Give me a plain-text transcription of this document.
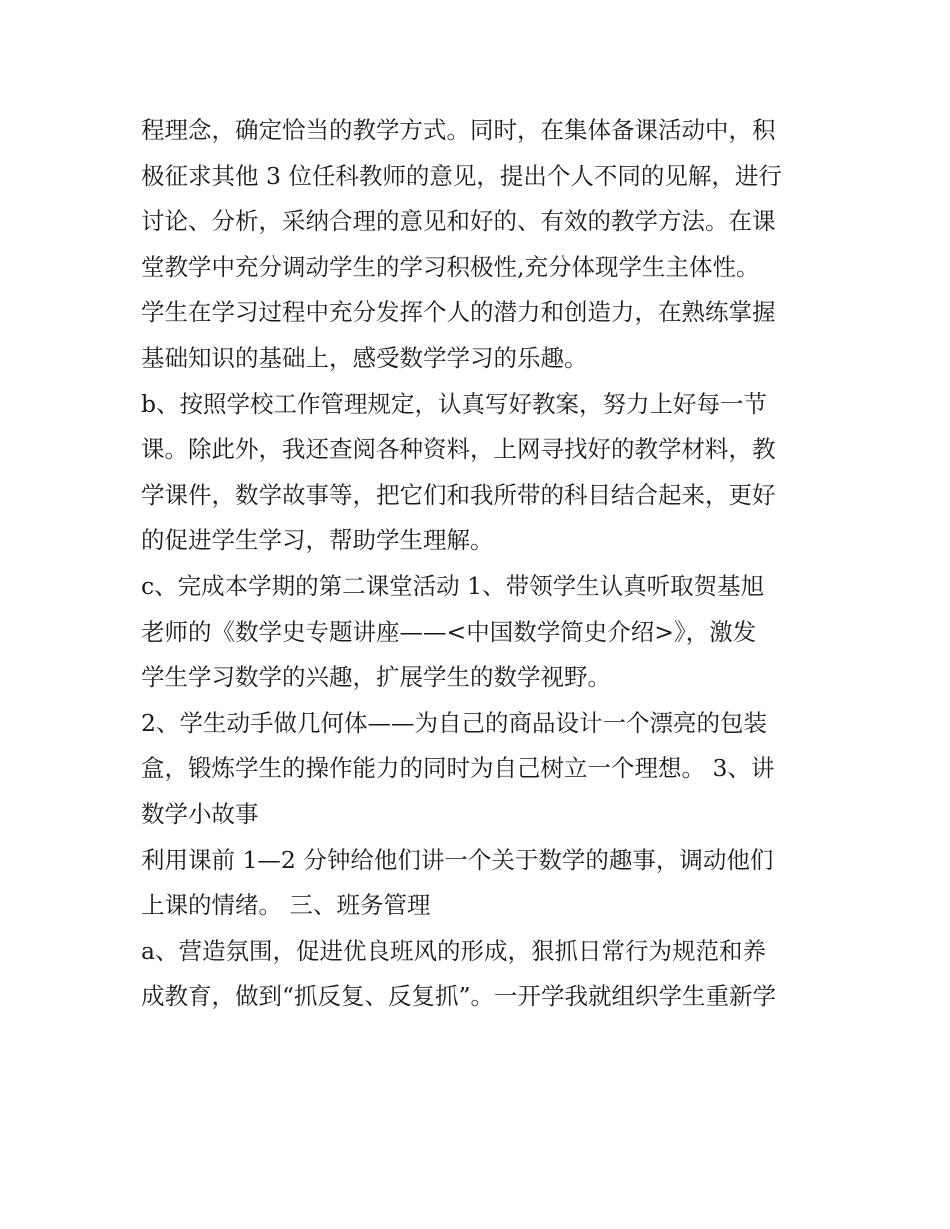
程理念，确定恰当的教学方式。同时，在集体备课活动中，积
极征求其他 3 位任科教师的意见，提出个人不同的见解，进行
讨论、分析，采纳合理的意见和好的、有效的教学方法。在课
堂教学中充分调动学生的学习积极性,充分体现学生主体性。
学生在学习过程中充分发挥个人的潜力和创造力，在熟练掌握
基础知识的基础上，感受数学学习的乐趣。
b、按照学校工作管理规定，认真写好教案，努力上好每一节
课。除此外，我还查阅各种资料，上网寻找好的教学材料，教
学课件，数学故事等，把它们和我所带的科目结合起来，更好
的促进学生学习，帮助学生理解。
c、完成本学期的第二课堂活动 1、带领学生认真听取贺基旭
老师的《数学史专题讲座——<中国数学简史介绍>》，激发
学生学习数学的兴趣，扩展学生的数学视野。
2、学生动手做几何体——为自己的商品设计一个漂亮的包装
盒，锻炼学生的操作能力的同时为自己树立一个理想。 3、讲
数学小故事
利用课前 1—2 分钟给他们讲一个关于数学的趣事，调动他们
上课的情绪。 三、班务管理
a、营造氛围，促进优良班风的形成，狠抓日常行为规范和养
成教育，做到“抓反复、反复抓”。一开学我就组织学生重新学
